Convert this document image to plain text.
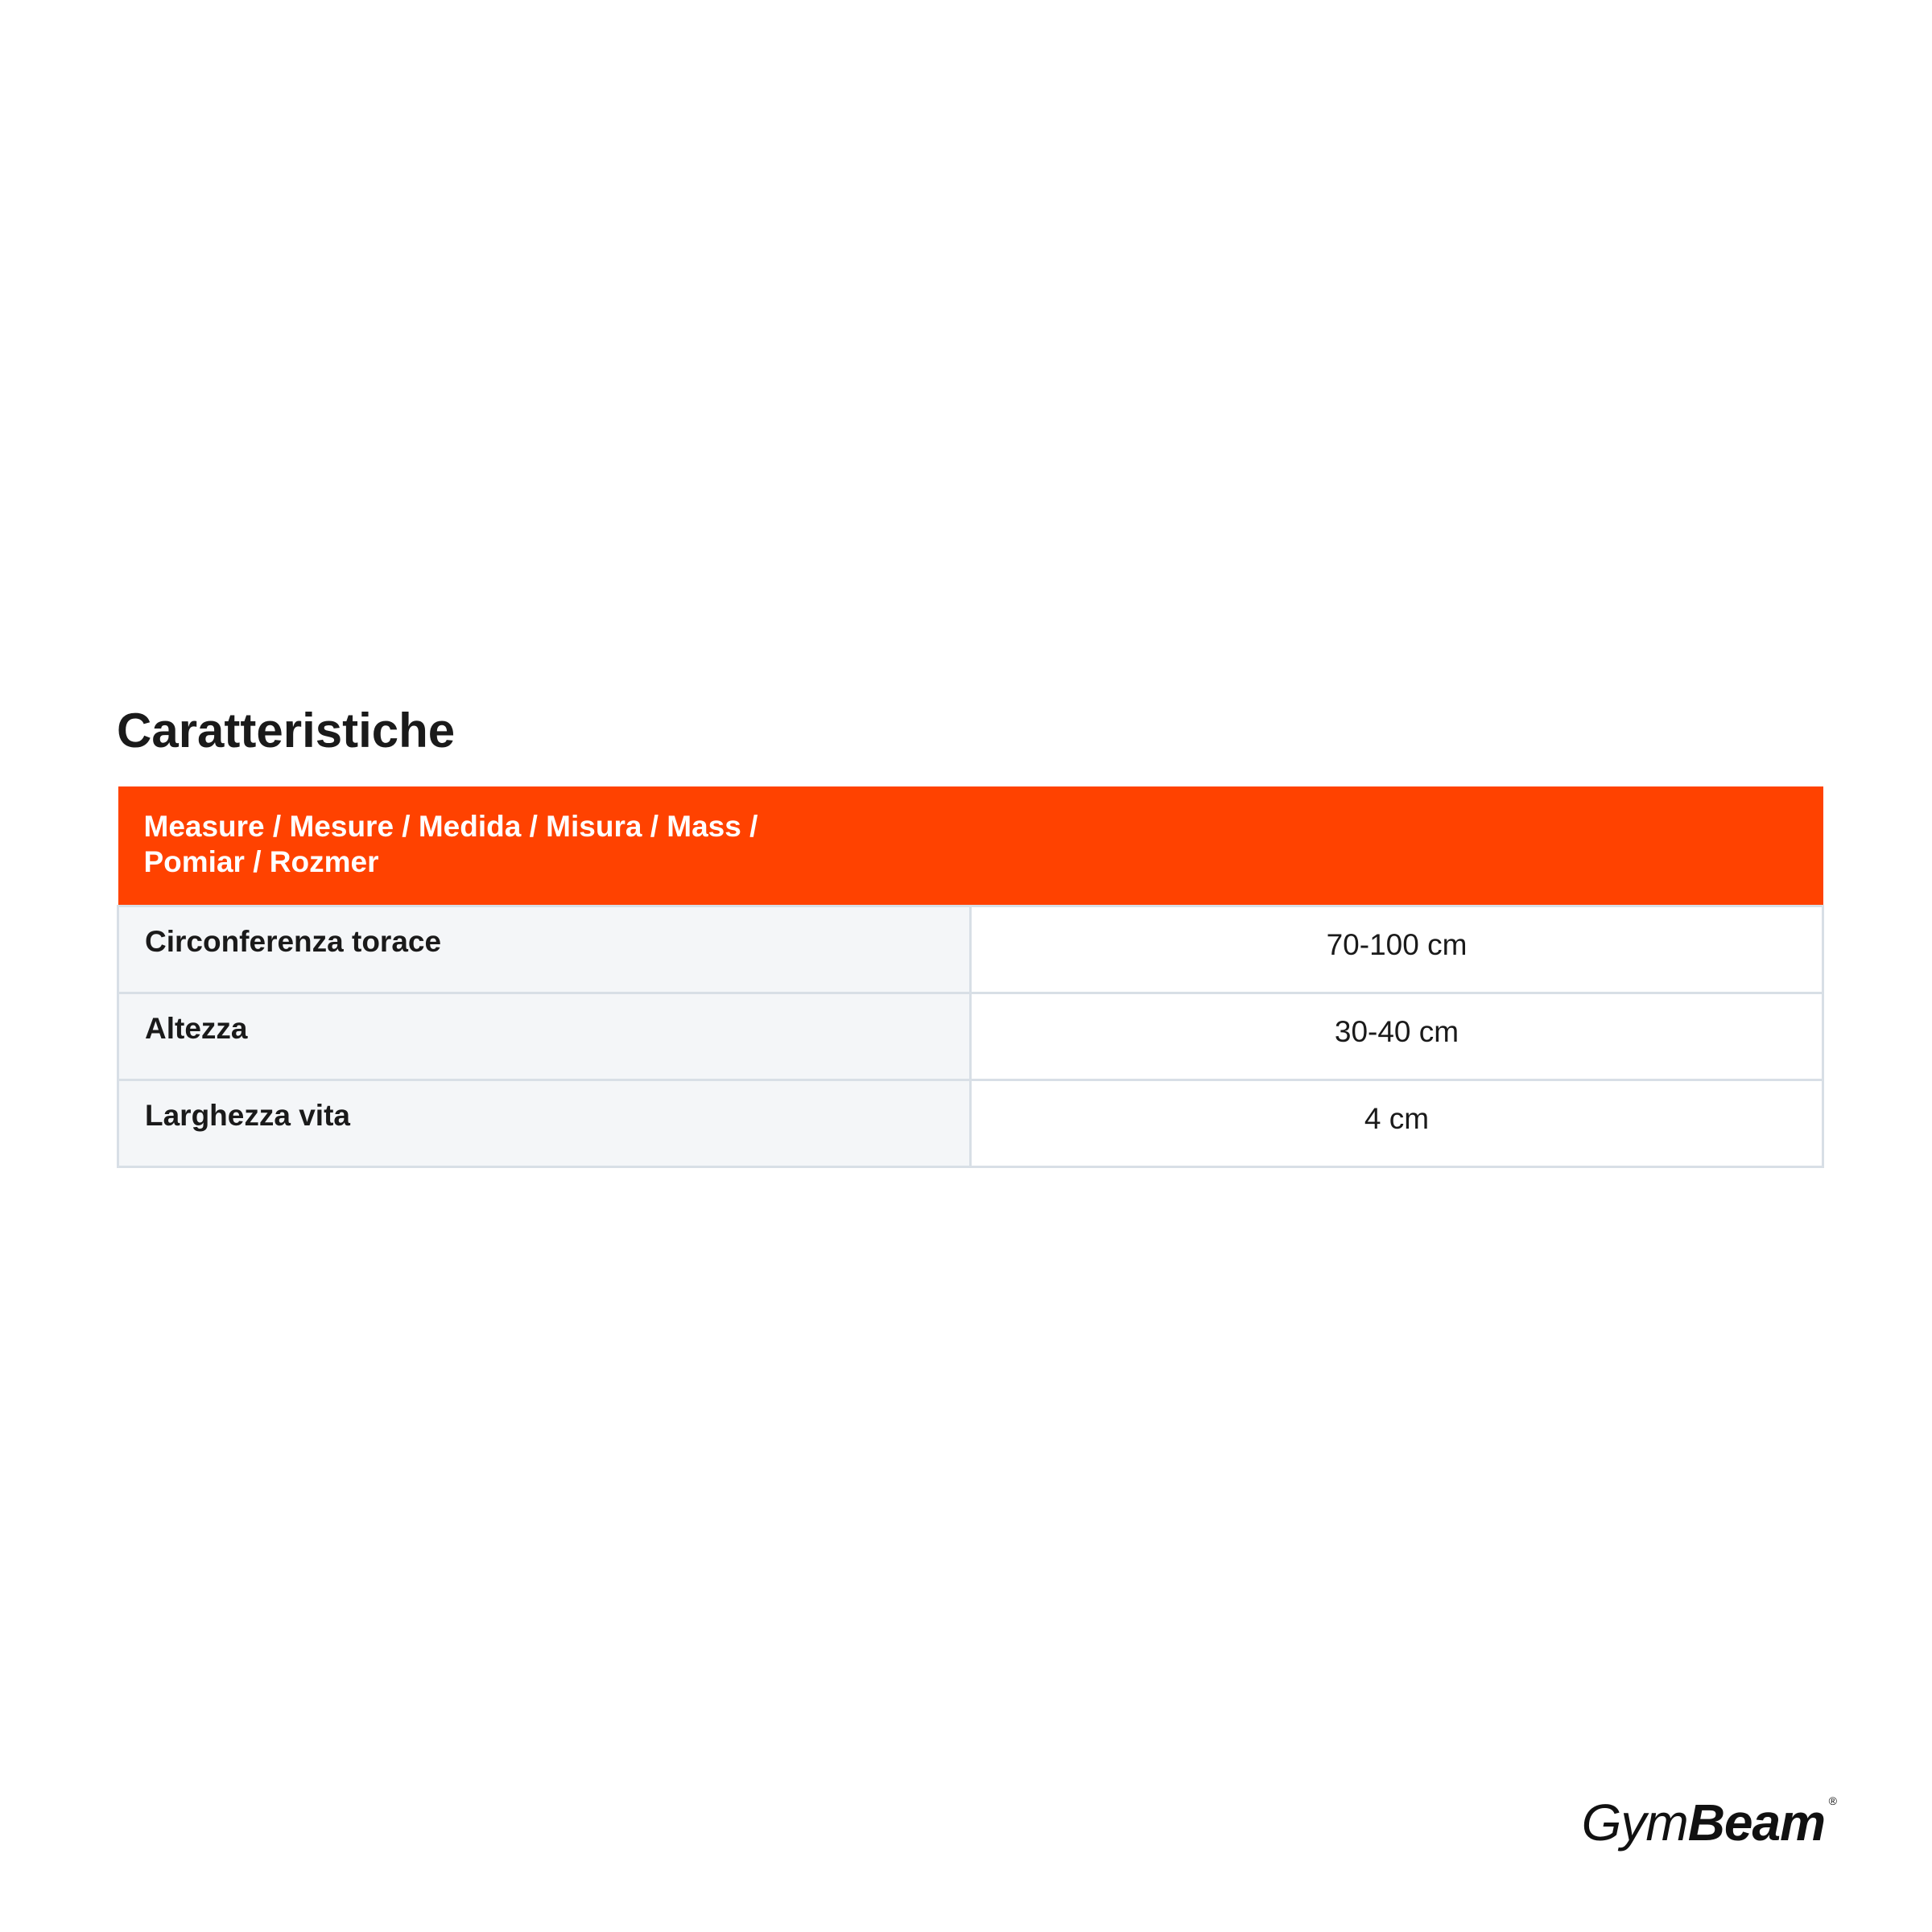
Caratteristiche
Measure / Mesure / Medida / Misura / Mass / Pomiar / Rozmer	

Circonferenza torace	70-100 cm
Altezza	30-40 cm
Larghezza vita	4 cm
GymBeam ®
